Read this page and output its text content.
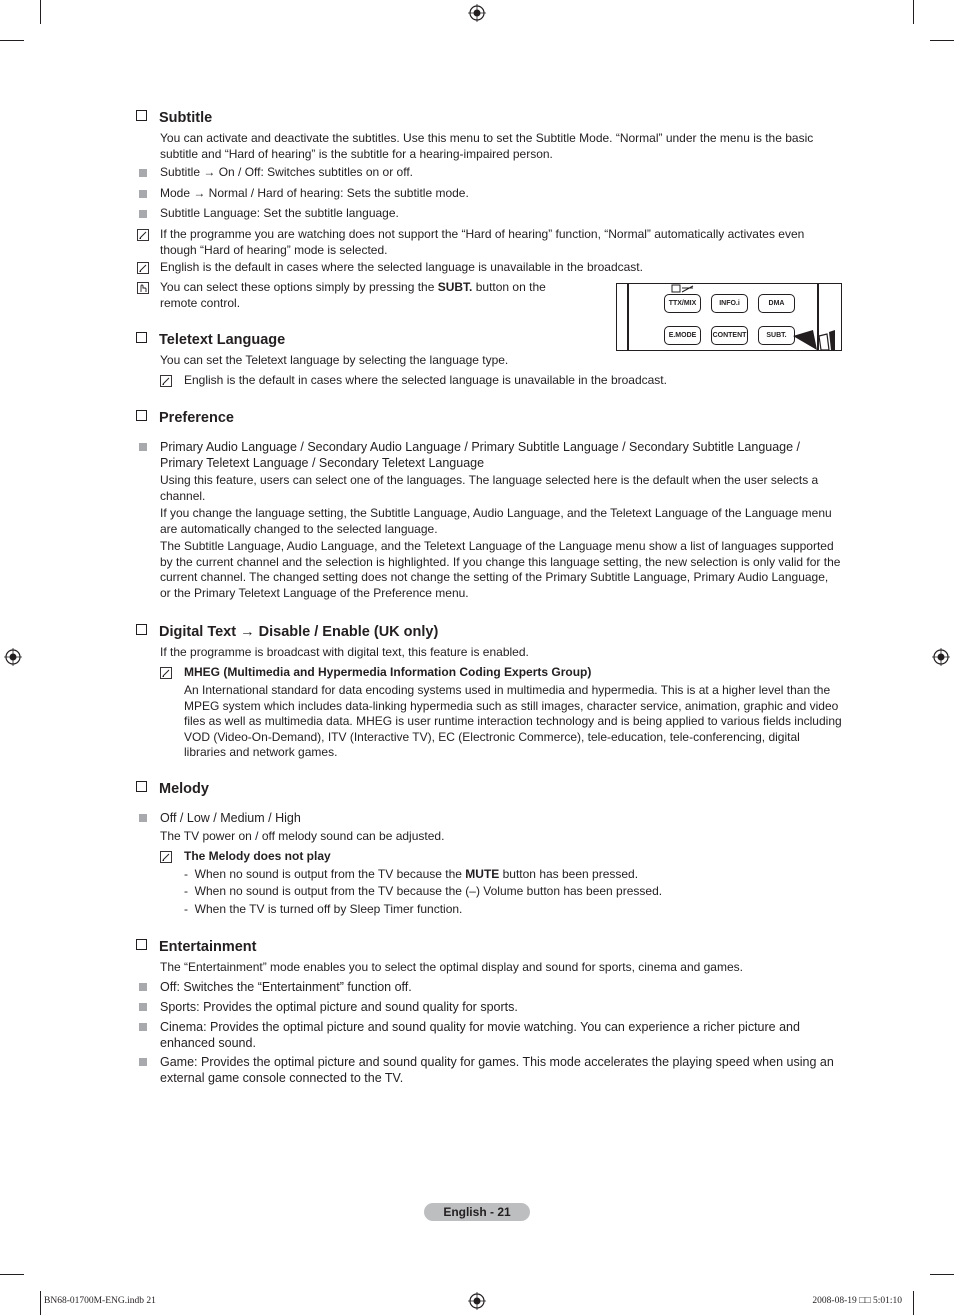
Subtitle
You can activate and deactivate the subtitles. Use this menu to set the Subtitle Mode. “Normal” under the menu is the basic subtitle and “Hard of hearing” is the subtitle for a hearing-impaired person.
Subtitle → On / Off: Switches subtitles on or off.
Mode → Normal / Hard of hearing: Sets the subtitle mode.
Subtitle Language: Set the subtitle language.
If the programme you are watching does not support the “Hard of hearing” function, “Normal” automatically activates even though “Hard of hearing” mode is selected.
English is the default in cases where the selected language is unavailable in the broadcast.
You can select these options simply by pressing the SUBT. button on the remote control.	TTX/MIX	INFO.i	DMA
E.MODE	CONTENT	SUBT.
Teletext Language
You can set the Teletext language by selecting the language type.
English is the default in cases where the selected language is unavailable in the broadcast.
Preference
Primary Audio Language / Secondary Audio Language / Primary Subtitle Language / Secondary Subtitle Language / Primary Teletext Language / Secondary Teletext Language
Using this feature, users can select one of the languages. The language selected here is the default when the user selects a channel.
If you change the language setting, the Subtitle Language, Audio Language, and the Teletext Language of the Language menu are automatically changed to the selected language.
The Subtitle Language, Audio Language, and the Teletext Language of the Language menu show a list of languages supported by the current channel and the selection is highlighted. If you change this language setting, the new selection is only valid for the current channel. The changed setting does not change the setting of the Primary Subtitle Language, Primary Audio Language, or the Primary Teletext Language of the Preference menu.
Digital Text → Disable / Enable (UK only)
If the programme is broadcast with digital text, this feature is enabled.
MHEG (Multimedia and Hypermedia Information Coding Experts Group)
An International standard for data encoding systems used in multimedia and hypermedia. This is at a higher level than the MPEG system which includes data-linking hypermedia such as still images, character service, animation, graphic and video files as well as multimedia data. MHEG is user runtime interaction technology and is being applied to various fields including VOD (Video-On-Demand), ITV (Interactive TV), EC (Electronic Commerce), tele-education, tele-conferencing, digital libraries and network games.
Melody
Off / Low / Medium / High
The TV power on / off melody sound can be adjusted.
The Melody does not play
- When no sound is output from the TV because the MUTE button has been pressed.
- When no sound is output from the TV because the (–) Volume button has been pressed.
- When the TV is turned off by Sleep Timer function.
Entertainment
The “Entertainment” mode enables you to select the optimal display and sound for sports, cinema and games.
Off: Switches the “Entertainment” function off.
Sports: Provides the optimal picture and sound quality for sports.
Cinema: Provides the optimal picture and sound quality for movie watching. You can experience a richer picture and enhanced sound.
Game: Provides the optimal picture and sound quality for games. This mode accelerates the playing speed when using an external game console connected to the TV.
English - 21
BN68-01700M-ENG.indb 21	2008-08-19 □□ 5:01:10
